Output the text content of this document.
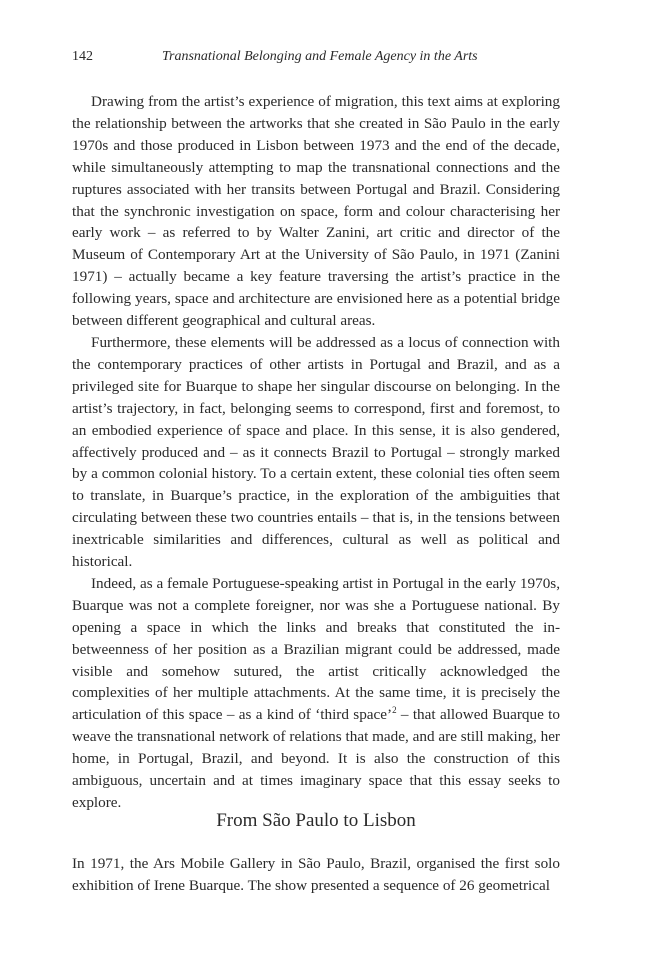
142	Transnational Belonging and Female Agency in the Arts

Drawing from the artist’s experience of migration, this text aims at exploring the relationship between the artworks that she created in São Paulo in the early 1970s and those produced in Lisbon between 1973 and the end of the decade, while simultaneously attempting to map the transnational connections and the ruptures associated with her transits between Portugal and Brazil. Considering that the synchronic investigation on space, form and colour characterising her early work – as referred to by Walter Zanini, art critic and director of the Museum of Contemporary Art at the University of São Paulo, in 1971 (Zanini 1971) – actually became a key feature traversing the artist’s practice in the following years, space and architecture are envisioned here as a potential bridge between different geographical and cultural areas.

Furthermore, these elements will be addressed as a locus of connection with the contemporary practices of other artists in Portugal and Brazil, and as a privileged site for Buarque to shape her singular discourse on belonging. In the artist’s trajectory, in fact, belonging seems to correspond, first and foremost, to an embodied experience of space and place. In this sense, it is also gendered, affectively produced and – as it connects Brazil to Portugal – strongly marked by a common colonial history. To a certain extent, these colonial ties often seem to translate, in Buarque’s practice, in the exploration of the ambiguities that circulating between these two countries entails – that is, in the tensions between inextricable similarities and differences, cultural as well as political and historical.

Indeed, as a female Portuguese-speaking artist in Portugal in the early 1970s, Buarque was not a complete foreigner, nor was she a Portuguese national. By opening a space in which the links and breaks that constituted the in-betweenness of her position as a Brazilian migrant could be addressed, made visible and somehow sutured, the artist critically acknowledged the complexities of her multiple attachments. At the same time, it is precisely the articulation of this space – as a kind of ‘third space’$^2$ – that allowed Buarque to weave the transnational network of relations that made, and are still making, her home, in Portugal, Brazil, and beyond. It is also the construction of this ambiguous, uncertain and at times imaginary space that this essay seeks to explore.

From São Paulo to Lisbon

In 1971, the Ars Mobile Gallery in São Paulo, Brazil, organised the first solo exhibition of Irene Buarque. The show presented a sequence of 26 geometrical
